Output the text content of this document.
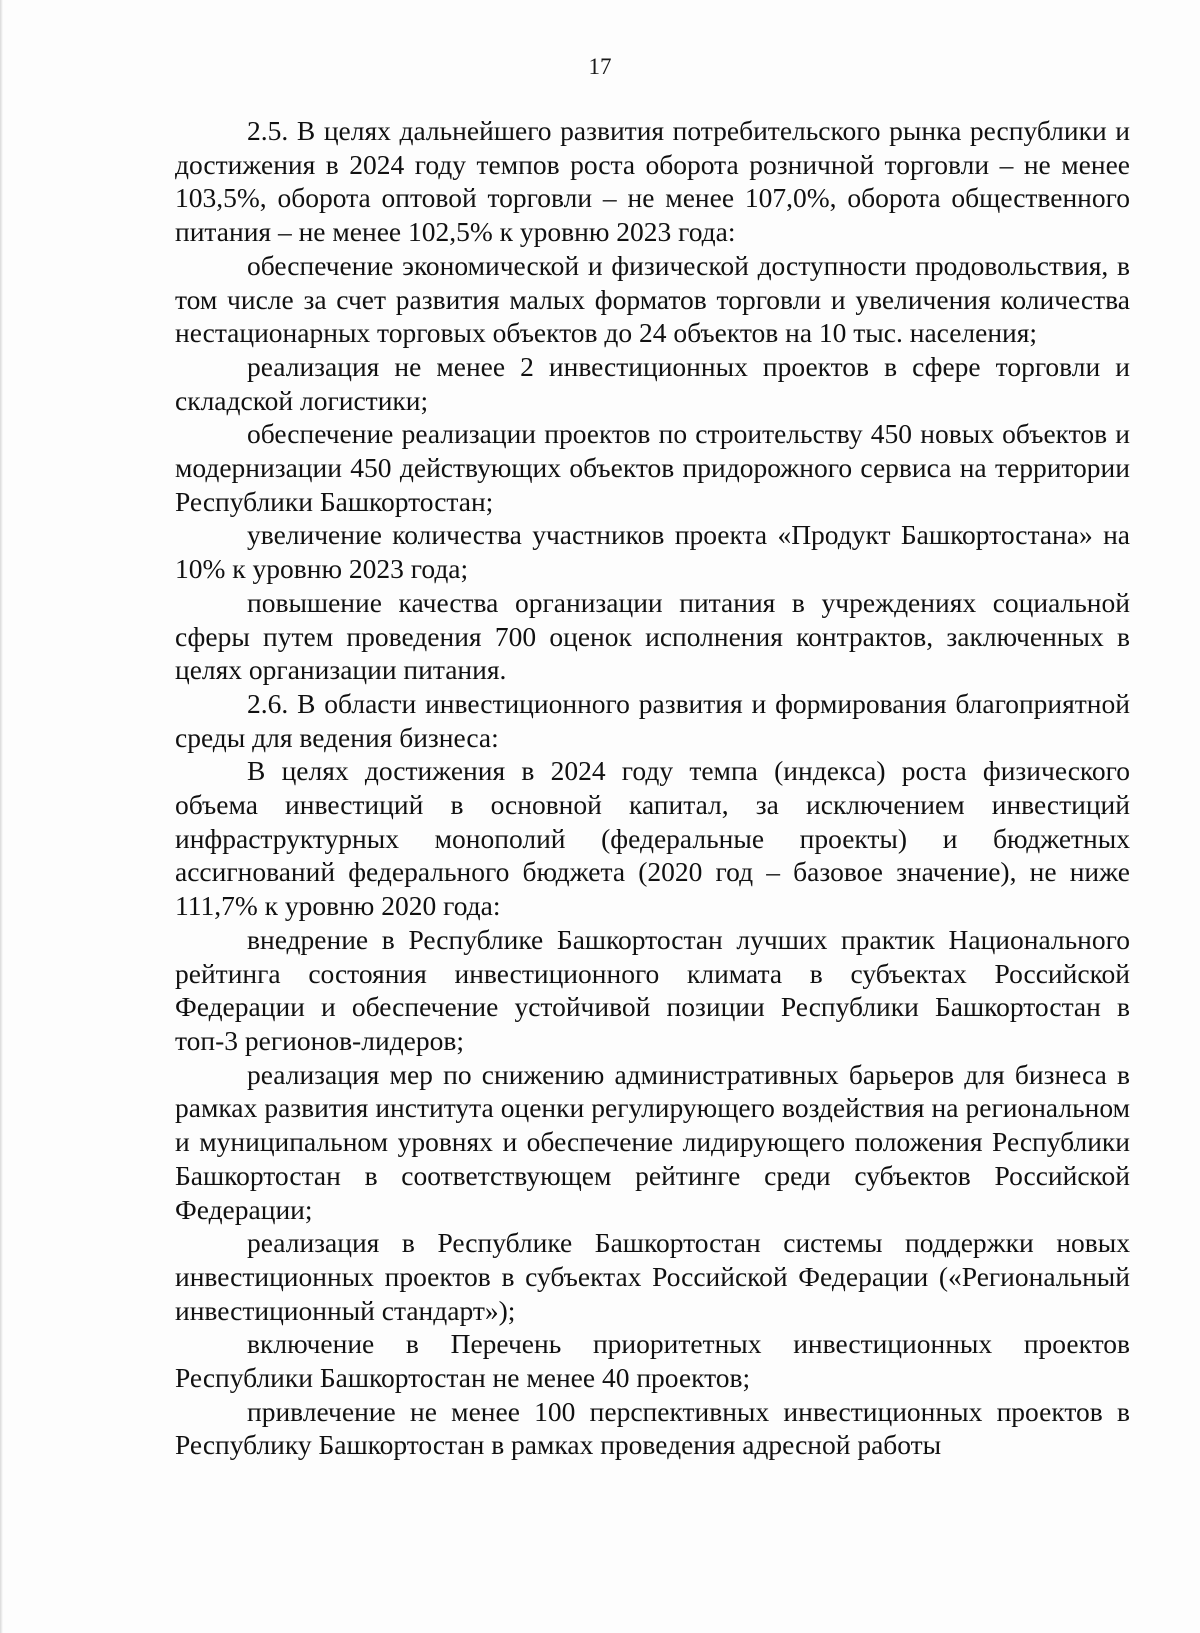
17

2.5. В целях дальнейшего развития потребительского рынка республики и достижения в 2024 году темпов роста оборота розничной торговли – не менее 103,5%, оборота оптовой торговли – не менее 107,0%, оборота общественного питания – не менее 102,5% к уровню 2023 года:

обеспечение экономической и физической доступности продовольствия, в том числе за счет развития малых форматов торговли и увеличения количества нестационарных торговых объектов до 24 объектов на 10 тыс. населения;

реализация не менее 2 инвестиционных проектов в сфере торговли и складской логистики;

обеспечение реализации проектов по строительству 450 новых объектов и модернизации 450 действующих объектов придорожного сервиса на территории Республики Башкортостан;

увеличение количества участников проекта «Продукт Башкортостана» на 10% к уровню 2023 года;

повышение качества организации питания в учреждениях социальной сферы путем проведения 700 оценок исполнения контрактов, заключенных в целях организации питания.

2.6. В области инвестиционного развития и формирования благоприятной среды для ведения бизнеса:

В целях достижения в 2024 году темпа (индекса) роста физического объема инвестиций в основной капитал, за исключением инвестиций инфраструктурных монополий (федеральные проекты) и бюджетных ассигнований федерального бюджета (2020 год – базовое значение), не ниже 111,7% к уровню 2020 года:

внедрение в Республике Башкортостан лучших практик Национального рейтинга состояния инвестиционного климата в субъектах Российской Федерации и обеспечение устойчивой позиции Республики Башкортостан в топ-3 регионов-лидеров;

реализация мер по снижению административных барьеров для бизнеса в рамках развития института оценки регулирующего воздействия на региональном и муниципальном уровнях и обеспечение лидирующего положения Республики Башкортостан в соответствующем рейтинге среди субъектов Российской Федерации;

реализация в Республике Башкортостан системы поддержки новых инвестиционных проектов в субъектах Российской Федерации («Региональный инвестиционный стандарт»);

включение в Перечень приоритетных инвестиционных проектов Республики Башкортостан не менее 40 проектов;

привлечение не менее 100 перспективных инвестиционных проектов в Республику Башкортостан в рамках проведения адресной работы
